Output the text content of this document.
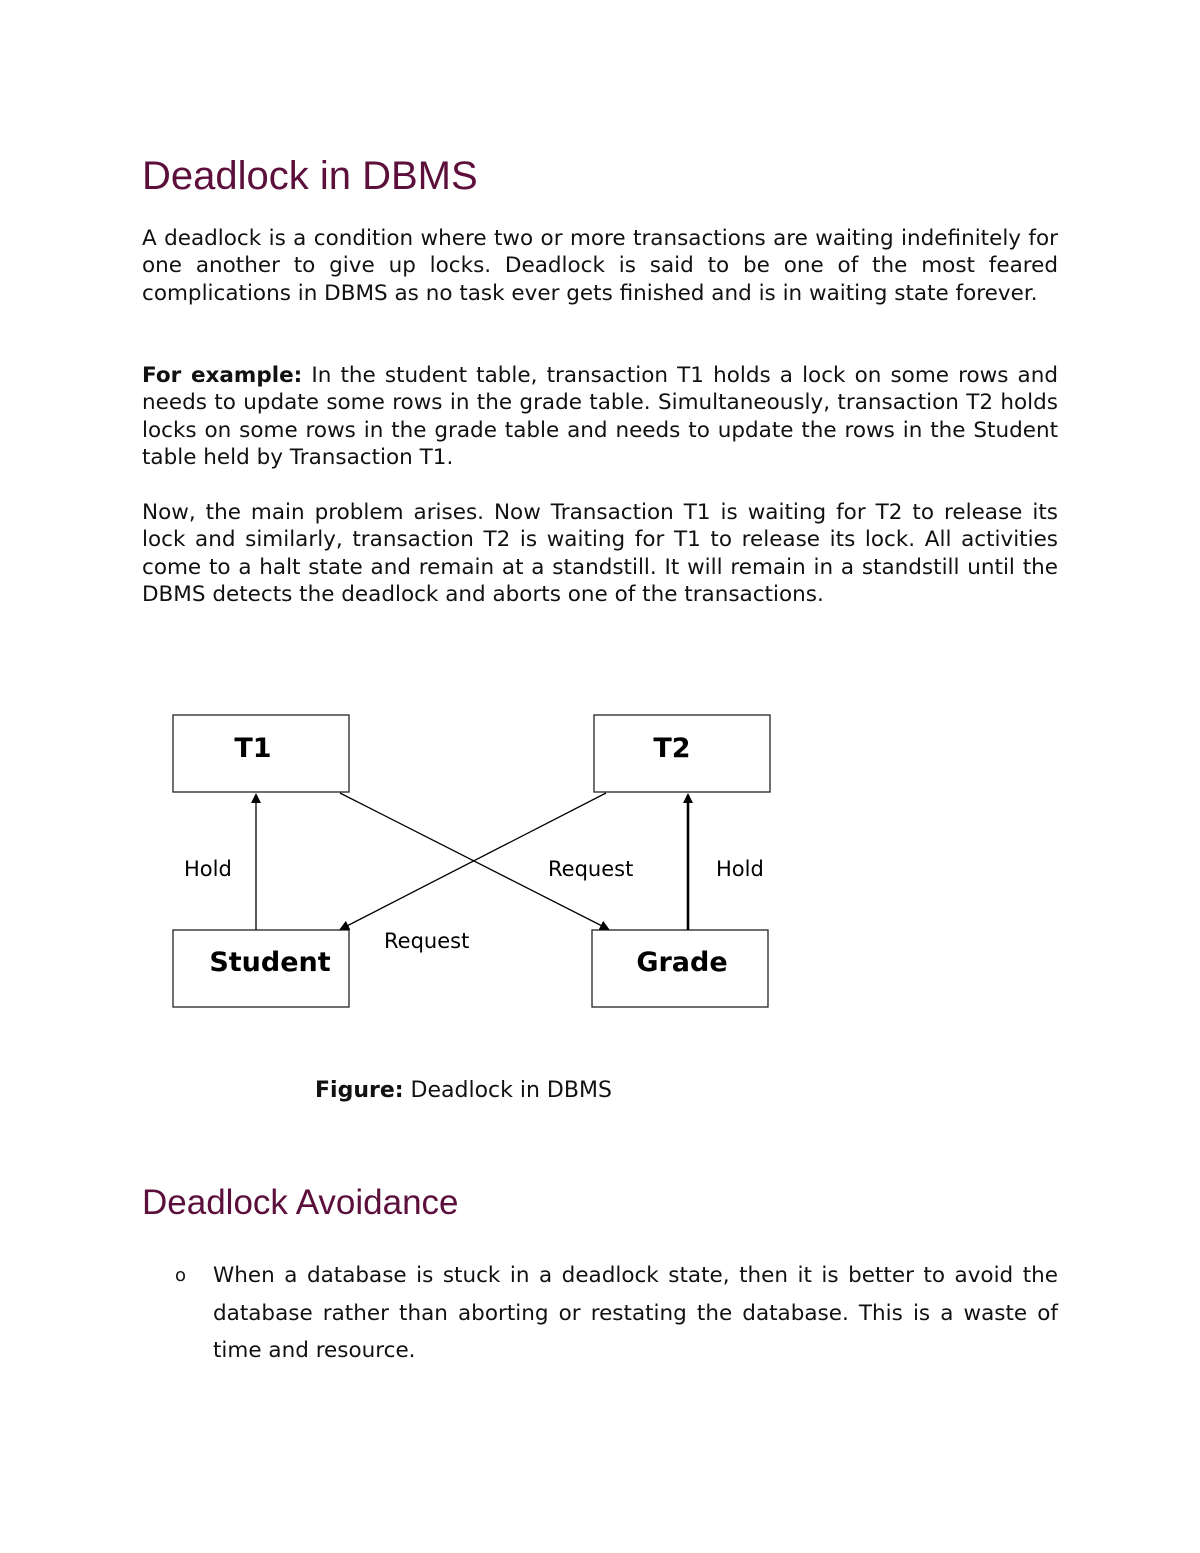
Deadlock in DBMS

A deadlock is a condition where two or more transactions are waiting indefinitely for one another to give up locks. Deadlock is said to be one of the most feared complications in DBMS as no task ever gets finished and is in waiting state forever.

For example: In the student table, transaction T1 holds a lock on some rows and needs to update some rows in the grade table. Simultaneously, transaction T2 holds locks on some rows in the grade table and needs to update the rows in the Student table held by Transaction T1.

Now, the main problem arises. Now Transaction T1 is waiting for T2 to release its lock and similarly, transaction T2 is waiting for T1 to release its lock. All activities come to a halt state and remain at a standstill. It will remain in a standstill until the DBMS detects the deadlock and aborts one of the transactions.

T1	T2
Student	Grade
Hold	Hold
Request
Request

Figure: Deadlock in DBMS

Deadlock Avoidance
o When a database is stuck in a deadlock state, then it is better to avoid the database rather than aborting or restating the database. This is a waste of time and resource.
